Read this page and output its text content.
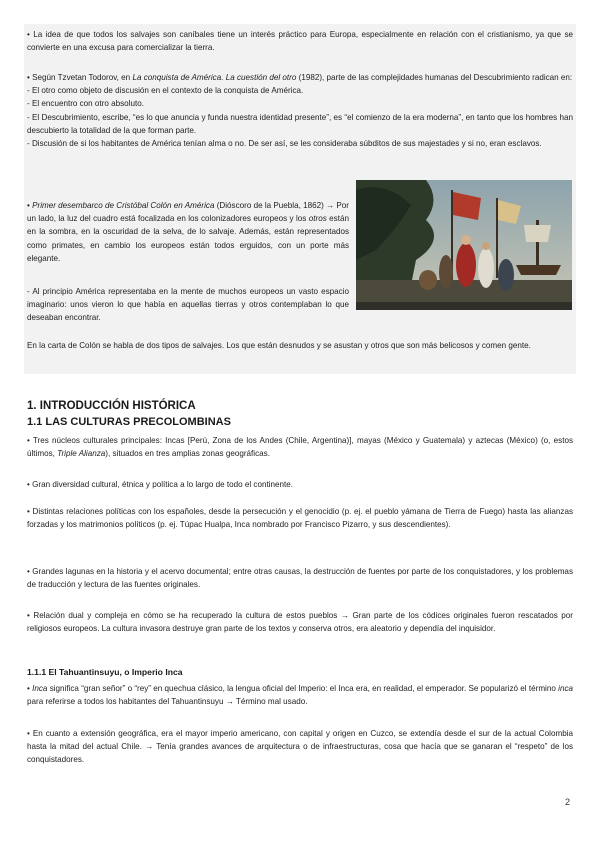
• La idea de que todos los salvajes son caníbales tiene un interés práctico para Europa, especialmente en relación con el cristianismo, ya que se convierte en una excusa para comercializar la tierra.
• Según Tzvetan Todorov, en La conquista de América. La cuestión del otro (1982), parte de las complejidades humanas del Descubrimiento radican en:
- El otro como objeto de discusión en el contexto de la conquista de América.
- El encuentro con otro absoluto.
- El Descubrimiento, escribe, “es lo que anuncia y funda nuestra identidad presente”, es “el comienzo de la era moderna”, en tanto que los hombres han descubierto la totalidad de la que forman parte.
- Discusión de si los habitantes de América tenían alma o no. De ser así, se les consideraba súbditos de sus majestades y si no, eran esclavos.
• Primer desembarco de Cristóbal Colón en América (Dióscoro de la Puebla, 1862) → Por un lado, la luz del cuadro está focalizada en los colonizadores europeos y los otros están en la sombra, en la oscuridad de la selva, de lo salvaje. Además, están representados como primates, en cambio los europeos están todos erguidos, con un porte más elegante.
- Al principio América representaba en la mente de muchos europeos un vasto espacio imaginario: unos vieron lo que había en aquellas tierras y otros contemplaban lo que deseaban encontrar.
En la carta de Colón se habla de dos tipos de salvajes. Los que están desnudos y se asustan y otros que son más belicosos y comen gente.
1. INTRODUCCIÓN HISTÓRICA
1.1 LAS CULTURAS PRECOLOMBINAS
• Tres núcleos culturales principales: Incas [Perú, Zona de los Andes (Chile, Argentina)], mayas (México y Guatemala) y aztecas (México) (o, estos últimos, Triple Alianza), situados en tres amplias zonas geográficas.
• Gran diversidad cultural, étnica y política a lo largo de todo el continente.
• Distintas relaciones políticas con los españoles, desde la persecución y el genocidio (p. ej. el pueblo yámana de Tierra de Fuego) hasta las alianzas forzadas y los matrimonios políticos (p. ej. Túpac Hualpa, Inca nombrado por Francisco Pizarro, y sus descendientes).
• Grandes lagunas en la historia y el acervo documental; entre otras causas, la destrucción de fuentes por parte de los conquistadores, y los problemas de traducción y lectura de las fuentes originales.
• Relación dual y compleja en cómo se ha recuperado la cultura de estos pueblos → Gran parte de los códices originales fueron rescatados por religiosos europeos. La cultura invasora destruye gran parte de los textos y conserva otros, era aleatorio y dependía del inquisidor.
1.1.1 El Tahuantinsuyu, o Imperio Inca
• Inca significa “gran señor” o “rey” en quechua clásico, la lengua oficial del Imperio: el Inca era, en realidad, el emperador. Se popularizó el término inca para referirse a todos los habitantes del Tahuantinsuyu → Término mal usado.
• En cuanto a extensión geográfica, era el mayor imperio americano, con capital y origen en Cuzco, se extendía desde el sur de la actual Colombia hasta la mitad del actual Chile. → Tenía grandes avances de arquitectura o de infraestructuras, cosa que hacía que se ganaran el “respeto” de los conquistadores.
2
